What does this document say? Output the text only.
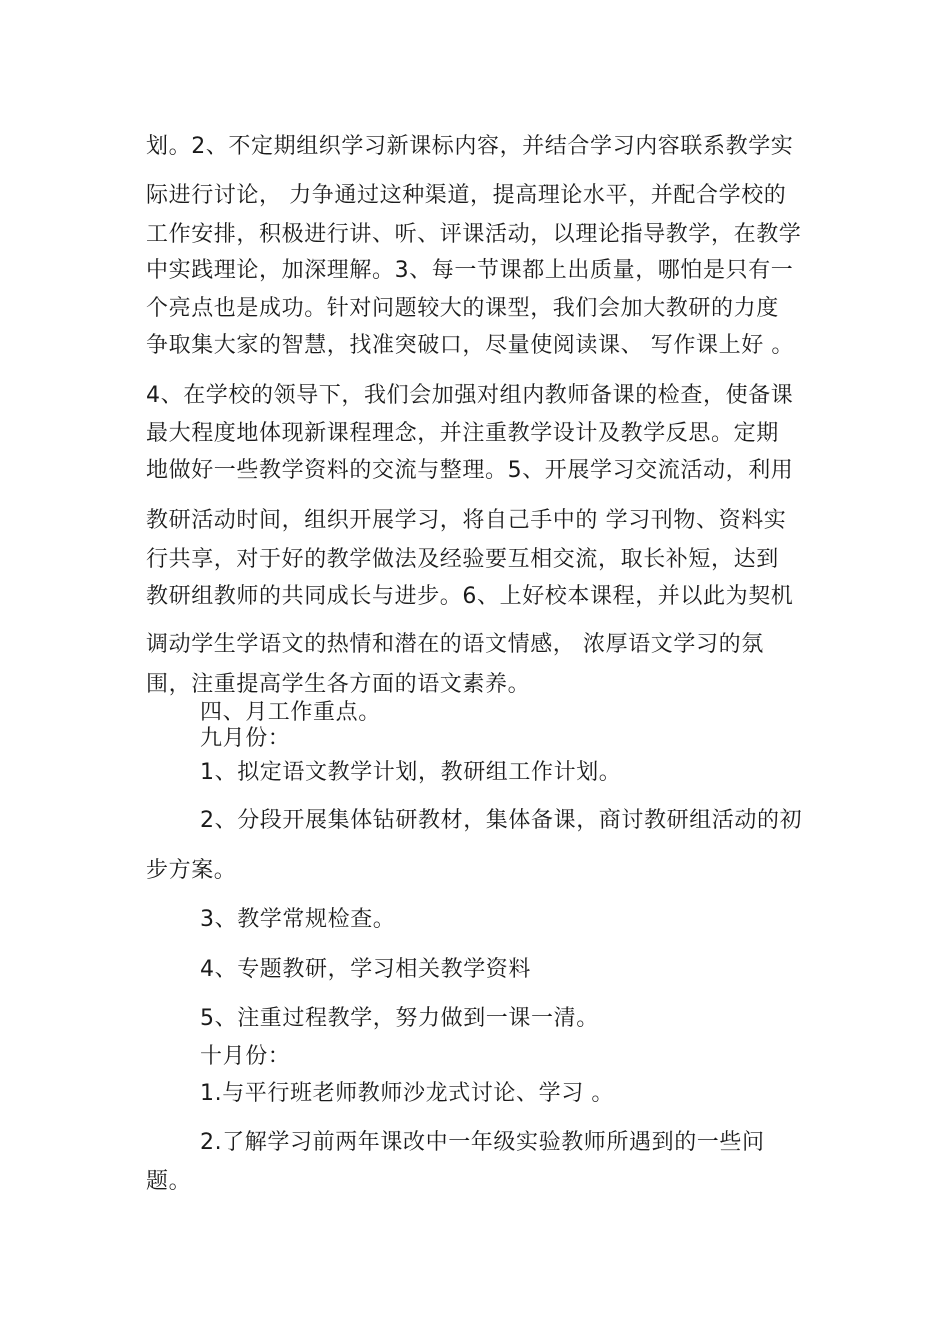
划。2、不定期组织学习新课标内容，并结合学习内容联系教学实
际进行讨论， 力争通过这种渠道，提高理论水平，并配合学校的
工作安排，积极进行讲、听、评课活动，以理论指导教学，在教学
中实践理论，加深理解。3、每一节课都上出质量，哪怕是只有一
个亮点也是成功。针对问题较大的课型，我们会加大教研的力度
争取集大家的智慧，找准突破口，尽量使阅读课、 写作课上好 。
4、在学校的领导下，我们会加强对组内教师备课的检查，使备课
最大程度地体现新课程理念，并注重教学设计及教学反思。定期
地做好一些教学资料的交流与整理。5、开展学习交流活动，利用
教研活动时间，组织开展学习，将自己手中的 学习刊物、资料实
行共享，对于好的教学做法及经验要互相交流，取长补短，达到
教研组教师的共同成长与进步。6、上好校本课程，并以此为契机
调动学生学语文的热情和潜在的语文情感， 浓厚语文学习的氛
围，注重提高学生各方面的语文素养。
四、月工作重点。
九月份：
1、拟定语文教学计划，教研组工作计划。
2、分段开展集体钻研教材，集体备课，商讨教研组活动的初
步方案。
3、教学常规检查。
4、专题教研，学习相关教学资料
5、注重过程教学，努力做到一课一清。
十月份：
1.与平行班老师教师沙龙式讨论、学习 。
2.了解学习前两年课改中一年级实验教师所遇到的一些问
题。
